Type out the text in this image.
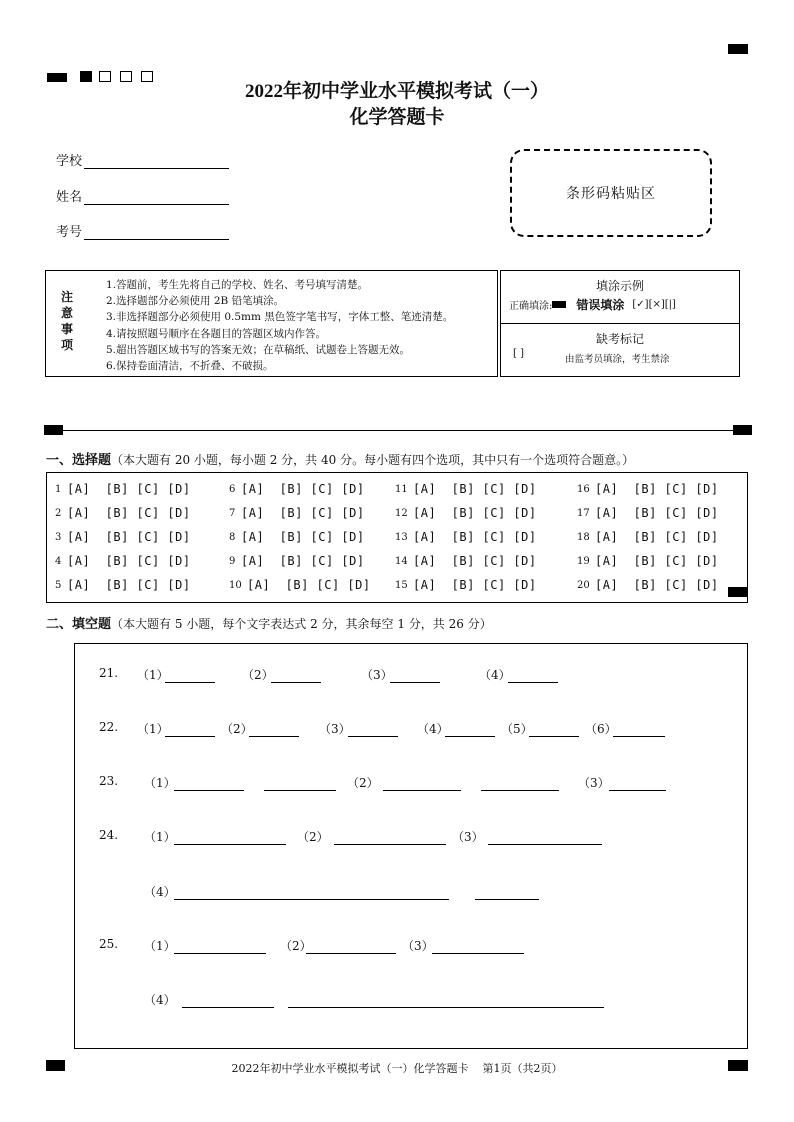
2022年初中学业水平模拟考试（一）
化学答题卡
学校
姓名
考号
条形码粘贴区
注
意
事
项
1.答题前，考生先将自己的学校、姓名、考号填写清楚。
2.选择题部分必须使用 2B 铅笔填涂。
3.非选择题部分必须使用 0.5mm 黑色签字笔书写，字体工整、笔迹清楚。
4.请按照题号顺序在各题目的答题区域内作答。
5.超出答题区域书写的答案无效；在草稿纸、试题卷上答题无效。
6.保持卷面清洁，不折叠、不破损。
填涂示例
正确填涂: 错误填涂 [✓][×][|]
缺考标记
[ ]
由监考员填涂，考生禁涂
一、选择题（本大题有 20 小题，每小题 2 分，共 40 分。每小题有四个选项，其中只有一个选项符合题意。）
1 [A]  [B] [C] [D]
2 [A]  [B] [C] [D]
3 [A]  [B] [C] [D]
4 [A]  [B] [C] [D]
5 [A]  [B] [C] [D]
6 [A]  [B] [C] [D]
7 [A]  [B] [C] [D]
8 [A]  [B] [C] [D]
9 [A]  [B] [C] [D]
10 [A]  [B] [C] [D]
11 [A]  [B] [C] [D]
12 [A]  [B] [C] [D]
13 [A]  [B] [C] [D]
14 [A]  [B] [C] [D]
15 [A]  [B] [C] [D]
16 [A]  [B] [C] [D]
17 [A]  [B] [C] [D]
18 [A]  [B] [C] [D]
19 [A]  [B] [C] [D]
20 [A]  [B] [C] [D]
二、填空题（本大题有 5 小题，每个文字表达式 2 分，其余每空 1 分，共 26 分）
21. （1）	（2）	（3）	（4）
22. （1）	（2）	（3）	（4）	（5）	（6）
23. （1）	（2）	（3）
24. （1）	（2）	（3）
（4）
25. （1）	（2）	（3）
（4）
2022年初中学业水平模拟考试（一）化学答题卡    第1页（共2页）
